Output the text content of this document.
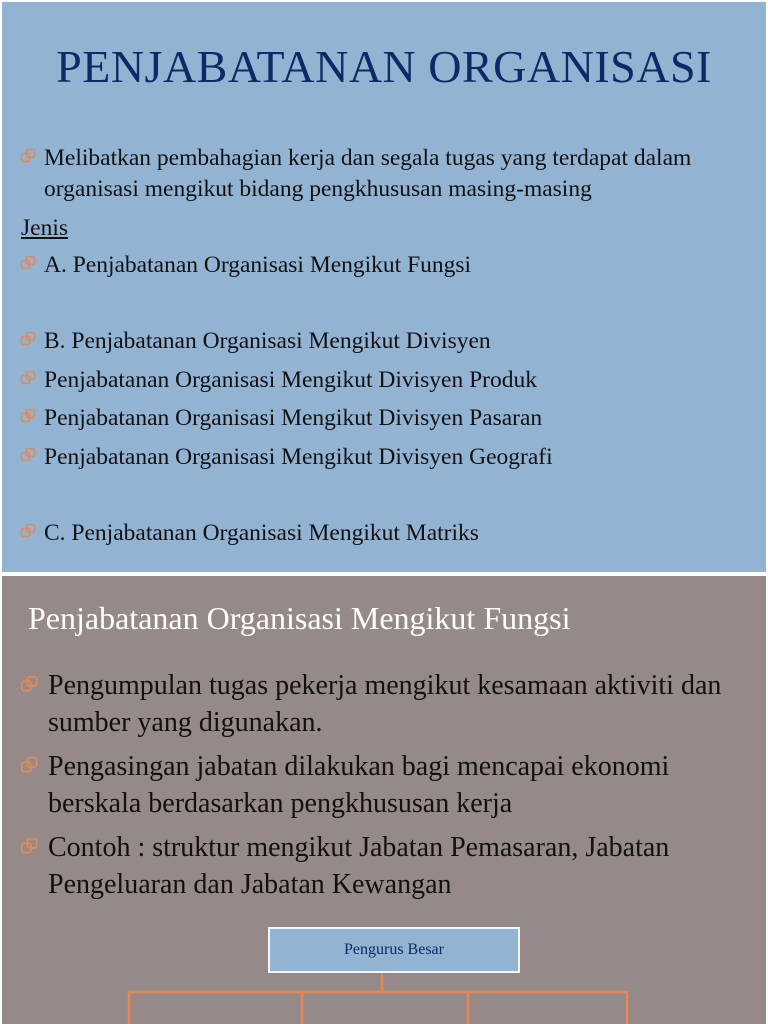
PENJABATANAN ORGANISASI
Melibatkan pembahagian kerja dan segala tugas yang terdapat dalam organisasi mengikut bidang pengkhususan masing-masing
Jenis
A. Penjabatanan Organisasi Mengikut Fungsi
B. Penjabatanan Organisasi Mengikut Divisyen
Penjabatanan Organisasi Mengikut Divisyen Produk
Penjabatanan Organisasi Mengikut Divisyen Pasaran
Penjabatanan Organisasi Mengikut Divisyen Geografi
C. Penjabatanan Organisasi Mengikut Matriks
Penjabatanan Organisasi Mengikut Fungsi
Pengumpulan tugas pekerja mengikut kesamaan aktiviti dan sumber yang digunakan.
Pengasingan jabatan dilakukan bagi mencapai ekonomi berskala berdasarkan pengkhususan kerja
Contoh : struktur mengikut Jabatan Pemasaran, Jabatan Pengeluaran dan Jabatan Kewangan
Pengurus Besar
